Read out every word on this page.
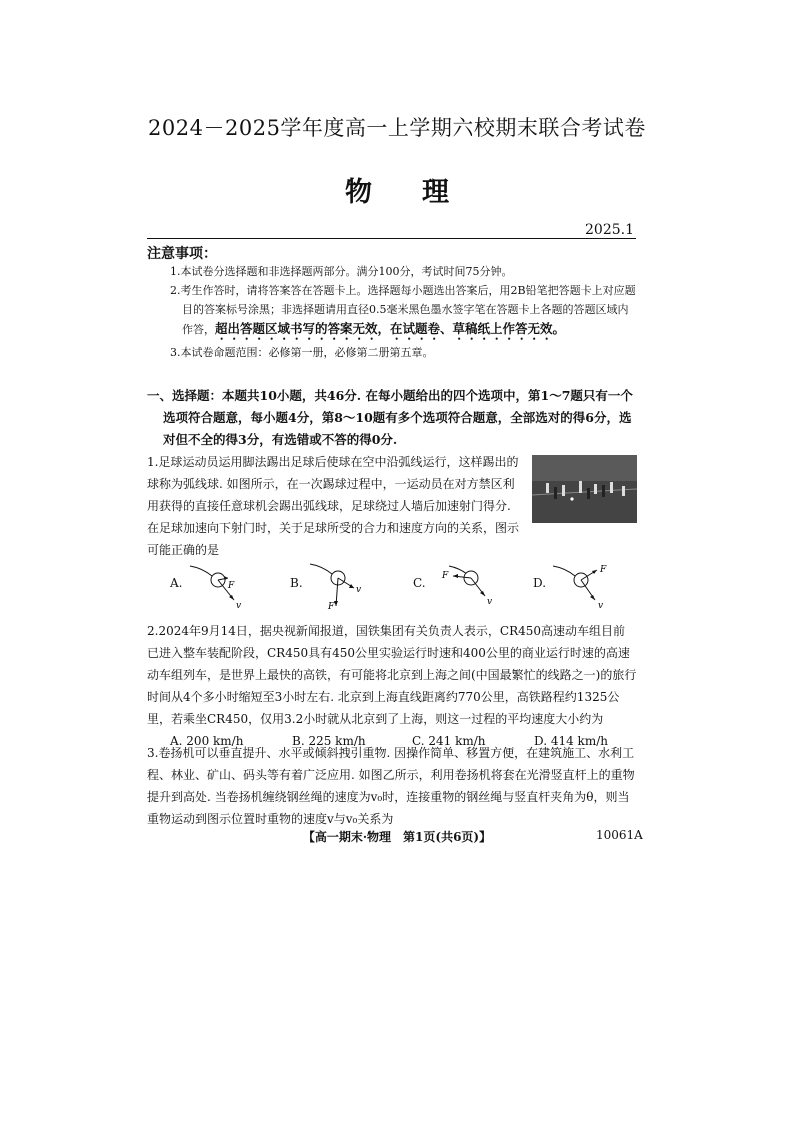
2024－2025学年度高一上学期六校期末联合考试卷
物理
2025.1
注意事项：

1.本试卷分选择题和非选择题两部分。满分100分，考试时间75分钟。

2.考生作答时，请将答案答在答题卡上。选择题每小题选出答案后，用2B铅笔把答题卡上对应题目的答案标号涂黑；非选择题请用直径0.5毫米黑色墨水签字笔在答题卡上各题的答题区域内作答，超出答题区域书写的答案无效，在试题卷、草稿纸上作答无效。

3.本试卷命题范围：必修第一册，必修第二册第五章。

一、选择题：本题共10小题，共46分. 在每小题给出的四个选项中，第1～7题只有一个选项符合题意，每小题4分，第8～10题有多个选项符合题意，全部选对的得6分，选对但不全的得3分，有选错或不答的得0分.

1.足球运动员运用脚法踢出足球后使球在空中沿弧线运行，这样踢出的球称为弧线球. 如图所示，在一次踢球过程中，一运动员在对方禁区利用获得的直接任意球机会踢出弧线球，足球绕过人墙后加速射门得分. 在足球加速向下射门时，关于足球所受的合力和速度方向的关系，图示可能正确的是

A.	F
v
B.	v
F
C. F
v
D.
F
v

2.2024年9月14日，据央视新闻报道，国铁集团有关负责人表示，CR450高速动车组目前已进入整车装配阶段，CR450具有450公里实验运行时速和400公里的商业运行时速的高速动车组列车，是世界上最快的高铁，有可能将北京到上海之间(中国最繁忙的线路之一)的旅行时间从4个多小时缩短至3小时左右. 北京到上海直线距离约770公里，高铁路程约1325公里，若乘坐CR450，仅用3.2小时就从北京到了上海，则这一过程的平均速度大小约为

A. 200 km/h	B. 225 km/h	C. 241 km/h	D. 414 km/h

3.卷扬机可以垂直提升、水平或倾斜拽引重物. 因操作简单、移置方便，在建筑施工、水利工程、林业、矿山、码头等有着广泛应用. 如图乙所示，利用卷扬机将套在光滑竖直杆上的重物提升到高处. 当卷扬机缠绕钢丝绳的速度为v₀时，连接重物的钢丝绳与竖直杆夹角为θ，则当重物运动到图示位置时重物的速度v与v₀关系为

【高一期末·物理　第1页(共6页)】	10061A
